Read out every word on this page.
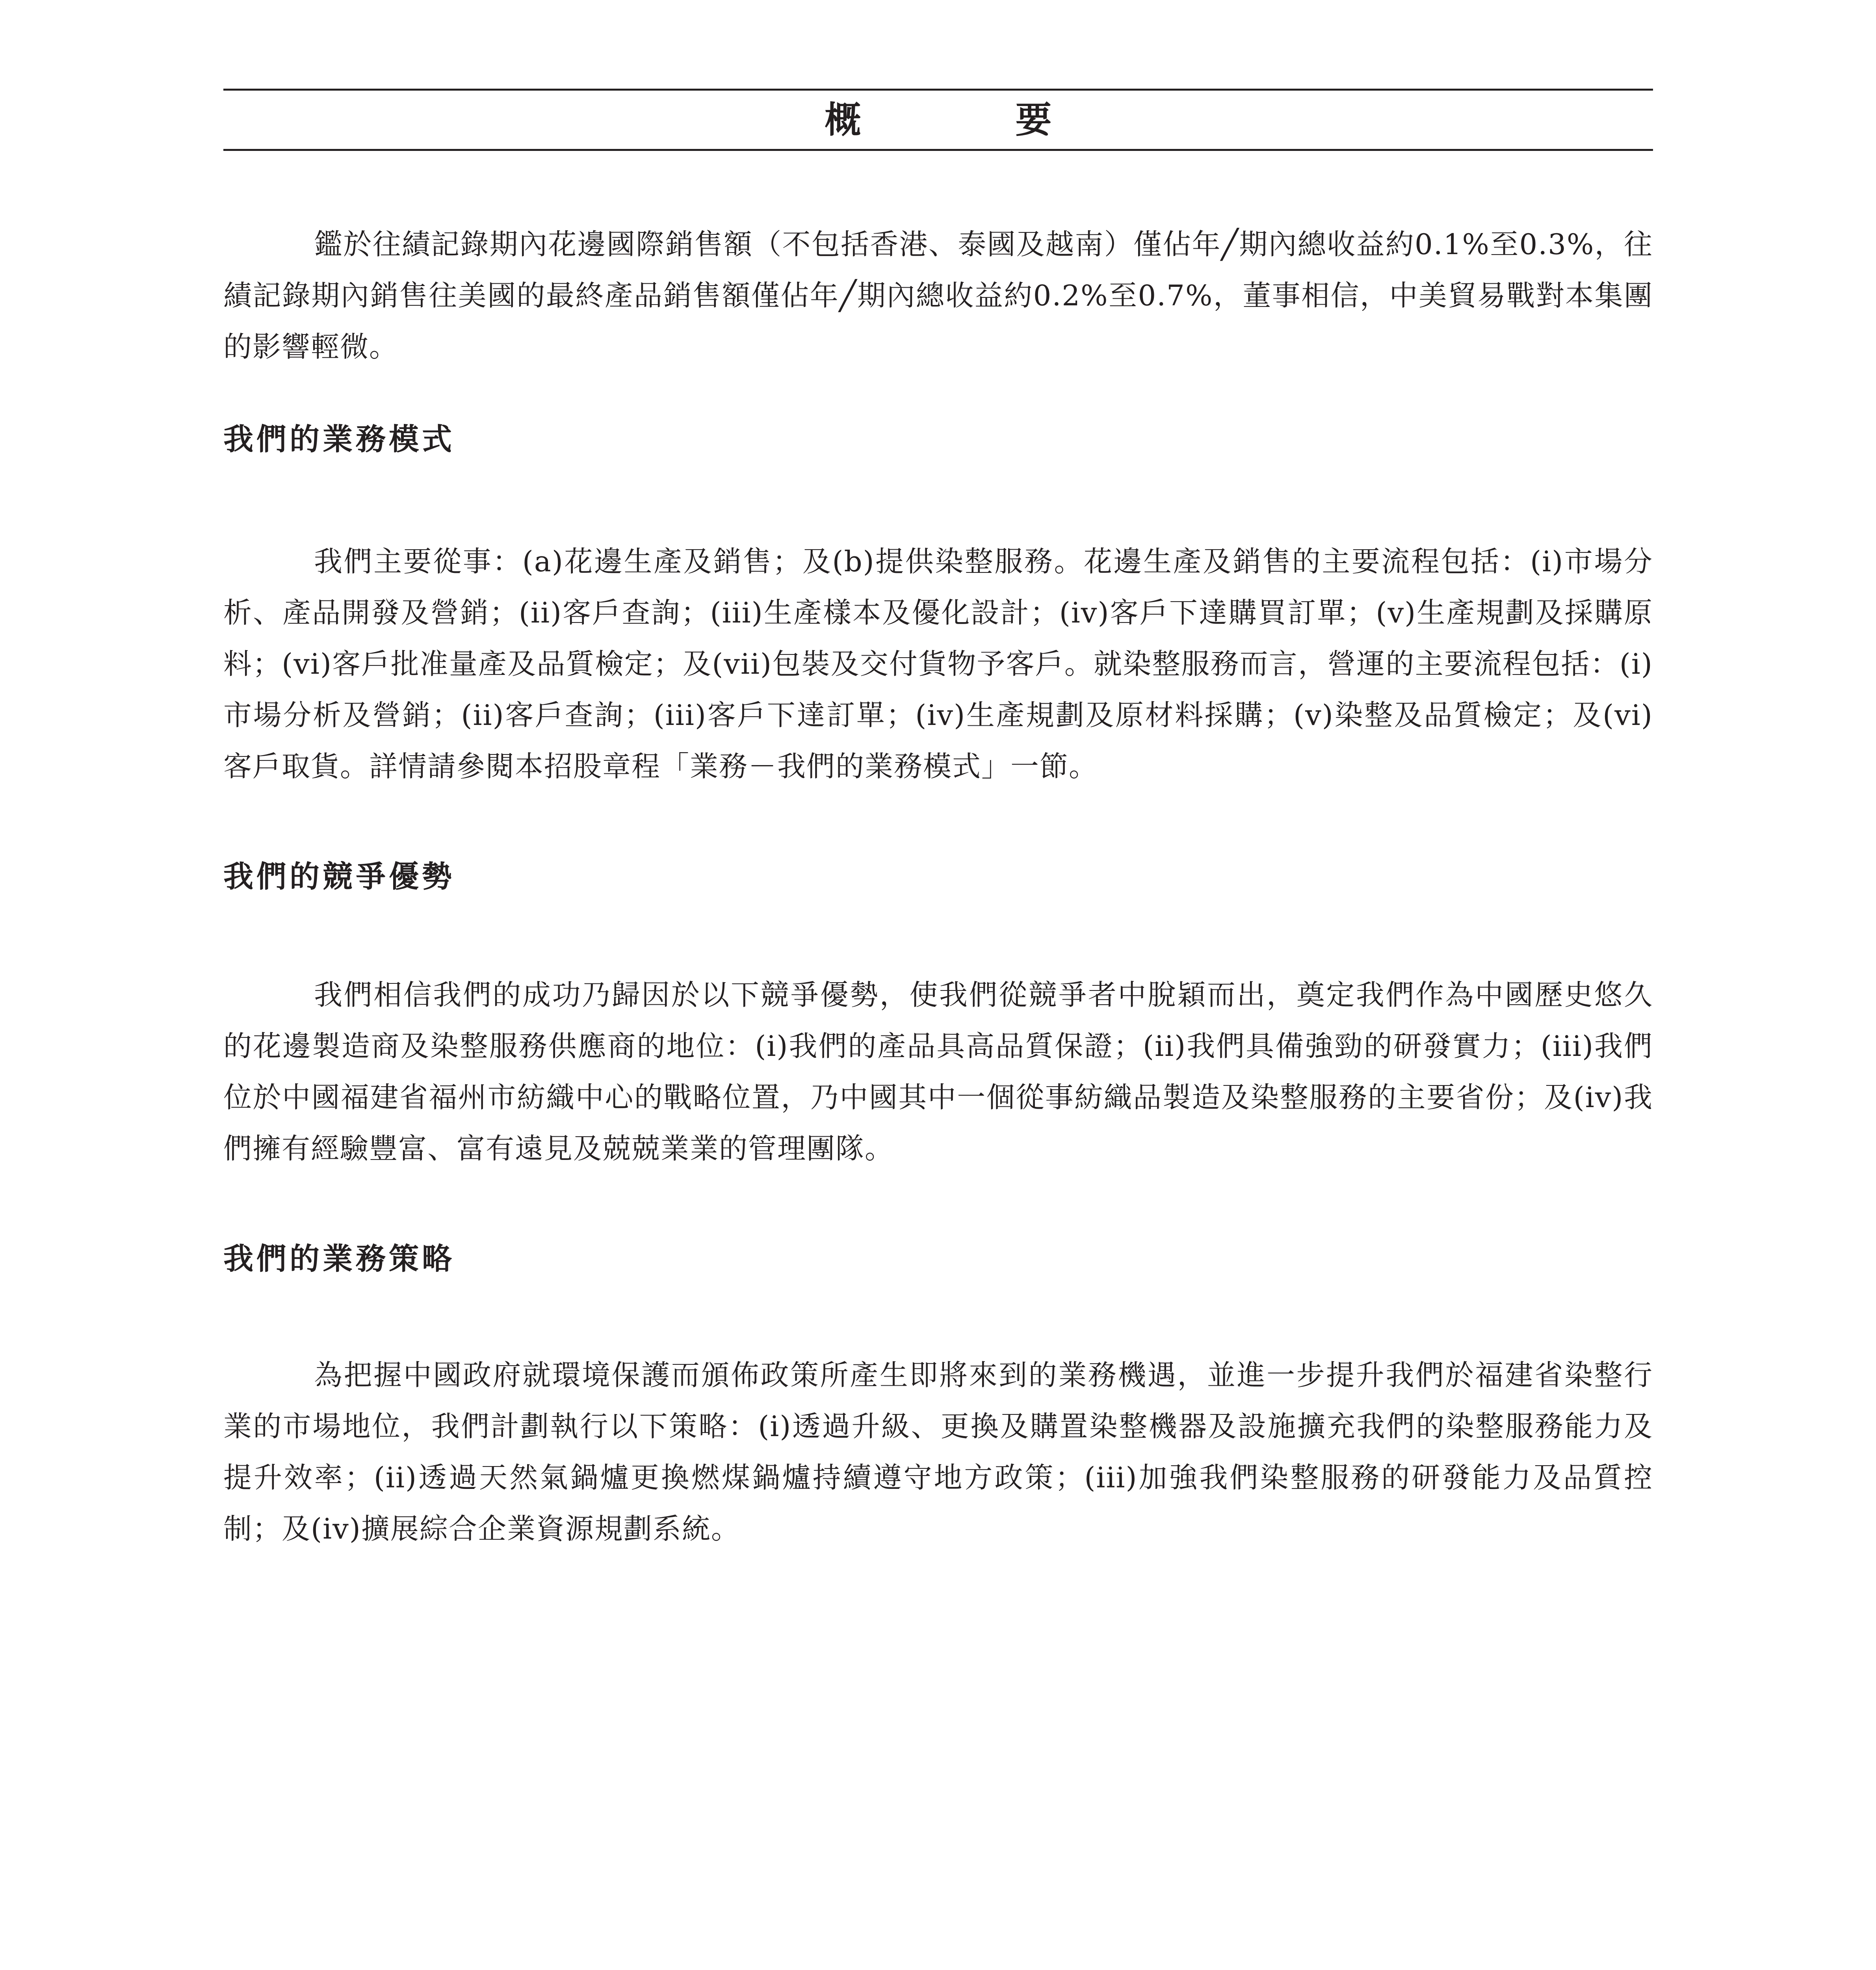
概　要

鑑於往績記錄期內花邊國際銷售額（不包括香港、泰國及越南）僅佔年╱期內總收益約0.1%至0.3%，往績記錄期內銷售往美國的最終產品銷售額僅佔年╱期內總收益約0.2%至0.7%，董事相信，中美貿易戰對本集團的影響輕微。

我們的業務模式

我們主要從事：(a)花邊生產及銷售；及(b)提供染整服務。花邊生產及銷售的主要流程包括：(i)市場分析、產品開發及營銷；(ii)客戶查詢；(iii)生產樣本及優化設計；(iv)客戶下達購買訂單；(v)生產規劃及採購原料；(vi)客戶批准量產及品質檢定；及(vii)包裝及交付貨物予客戶。就染整服務而言，營運的主要流程包括：(i)市場分析及營銷；(ii)客戶查詢；(iii)客戶下達訂單；(iv)生產規劃及原材料採購；(v)染整及品質檢定；及(vi)客戶取貨。詳情請參閱本招股章程「業務－我們的業務模式」一節。

我們的競爭優勢

我們相信我們的成功乃歸因於以下競爭優勢，使我們從競爭者中脫穎而出，奠定我們作為中國歷史悠久的花邊製造商及染整服務供應商的地位：(i)我們的產品具高品質保證；(ii)我們具備強勁的研發實力；(iii)我們位於中國福建省福州市紡織中心的戰略位置，乃中國其中一個從事紡織品製造及染整服務的主要省份；及(iv)我們擁有經驗豐富、富有遠見及兢兢業業的管理團隊。

我們的業務策略

為把握中國政府就環境保護而頒佈政策所產生即將來到的業務機遇，並進一步提升我們於福建省染整行業的市場地位，我們計劃執行以下策略：(i)透過升級、更換及購置染整機器及設施擴充我們的染整服務能力及提升效率；(ii)透過天然氣鍋爐更換燃煤鍋爐持續遵守地方政策；(iii)加強我們染整服務的研發能力及品質控制；及(iv)擴展綜合企業資源規劃系統。
